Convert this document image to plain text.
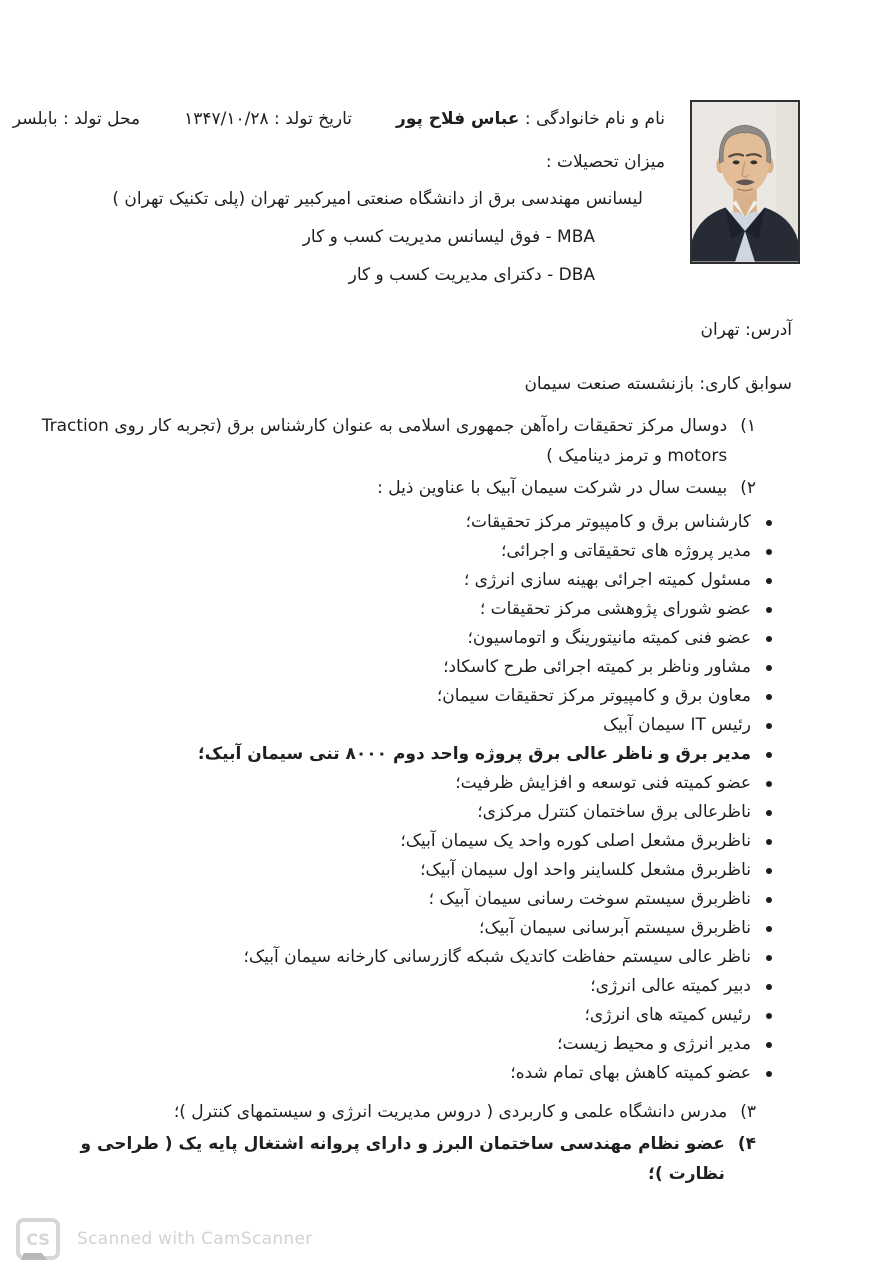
نام و نام خانوادگی : عباس فلاح پور
تاریخ تولد : ۱۳۴۷/۱۰/۲۸
محل تولد : بابلسر
میزان تحصیلات :
لیسانس مهندسی برق از دانشگاه صنعتی امیرکبیر تهران (پلی تکنیک تهران )
MBA - فوق لیسانس مدیریت کسب و کار
DBA - دکترای مدیریت کسب و کار
آدرس: تهران
سوابق کاری: بازنشسته صنعت سیمان
۱)
دوسال مرکز تحقیقات راه‌آهن جمهوری اسلامی به عنوان کارشناس برق (تجربه کار روی Traction motors و ترمز دینامیک )
۲)
بیست سال در شرکت سیمان آبیک با عناوین ذیل :
کارشناس برق و کامپیوتر مرکز تحقیقات؛
مدیر پروژه های تحقیقاتی و اجرائی؛
مسئول کمیته اجرائی بهینه سازی انرژی ؛
عضو شورای پژوهشی مرکز تحقیقات ؛
عضو فنی کمیته مانیتورینگ و اتوماسیون؛
مشاور وناظر بر کمیته اجرائی طرح کاسکاد؛
معاون برق و کامپیوتر مرکز تحقیقات سیمان؛
رئیس IT سیمان آبیک
مدیر برق و ناظر عالی برق پروژه واحد دوم ۸۰۰۰ تنی سیمان آبیک؛
عضو کمیته فنی توسعه و افزایش ظرفیت؛
ناظرعالی برق ساختمان کنترل مرکزی؛
ناظربرق مشعل اصلی کوره واحد یک سیمان آبیک؛
ناظربرق مشعل کلساینر واحد اول سیمان آبیک؛
ناظربرق سیستم سوخت رسانی سیمان آبیک ؛
ناظربرق سیستم آبرسانی سیمان آبیک؛
ناظر عالی سیستم حفاظت کاتدیک شبکه گازرسانی کارخانه سیمان آبیک؛
دبیر کمیته عالی انرژی؛
رئیس کمیته های انرژی؛
مدیر انرژی و محیط زیست؛
عضو کمیته کاهش بهای تمام شده؛
۳)
مدرس دانشگاه علمی و کاربردی ( دروس مدیریت انرژی و سیستمهای کنترل )؛
۴)
عضو نظام مهندسی ساختمان البرز و دارای پروانه اشتغال پایه یک ( طراحی و نظارت )؛
CS Scanned with CamScanner
